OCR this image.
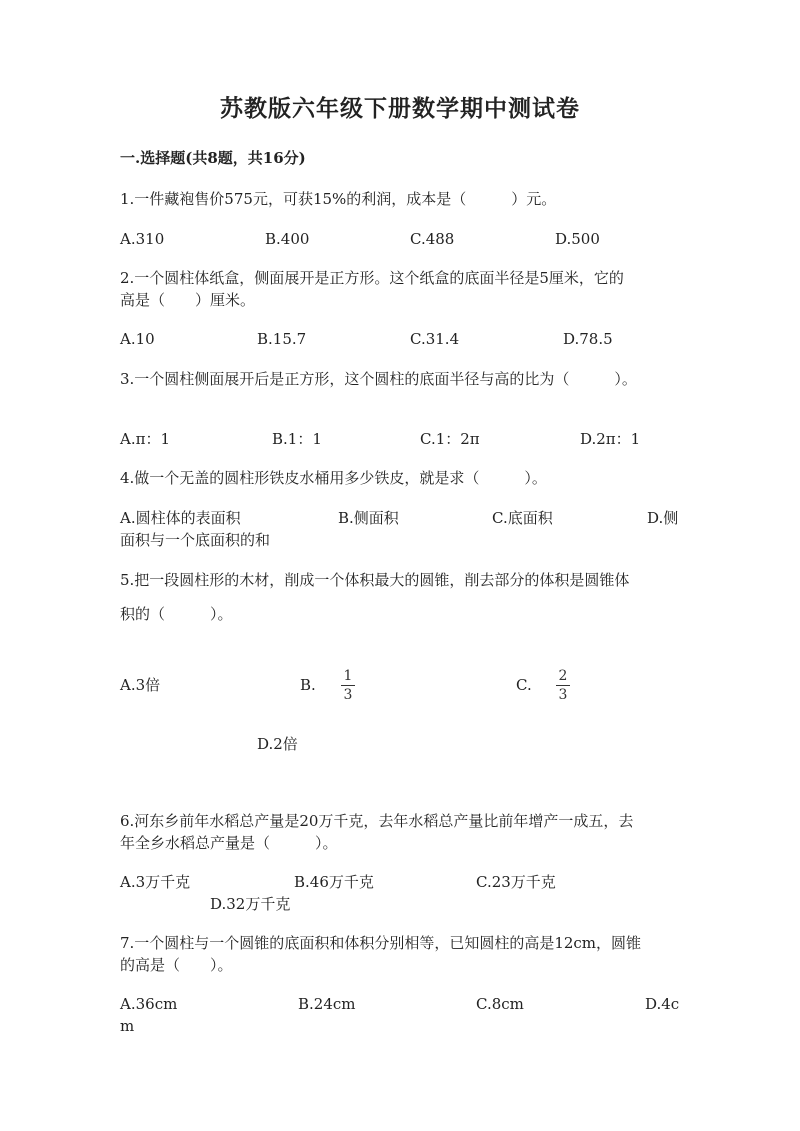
苏教版六年级下册数学期中测试卷
一.选择题(共8题，共16分)
1.一件藏袍售价575元，可获15%的利润，成本是（　　　）元。
A.310	B.400	C.488	D.500
2.一个圆柱体纸盒，侧面展开是正方形。这个纸盒的底面半径是5厘米，它的
高是（　　）厘米。
A.10	B.15.7	C.31.4	D.78.5
3.一个圆柱侧面展开后是正方形，这个圆柱的底面半径与高的比为（　　　）。
A.π：1	B.1：1	C.1：2π	D.2π：1
4.做一个无盖的圆柱形铁皮水桶用多少铁皮，就是求（　　　）。
A.圆柱体的表面积	B.侧面积	C.底面积	D.侧
面积与一个底面积的和
5.把一段圆柱形的木材，削成一个体积最大的圆锥，削去部分的体积是圆锥体
积的（　　　）。
A.3倍	B. 1
3
C. 2
3
D.2倍
6.河东乡前年水稻总产量是20万千克，去年水稻总产量比前年增产一成五，去
年全乡水稻总产量是（　　　）。
A.3万千克	B.46万千克	C.23万千克
D.32万千克
7.一个圆柱与一个圆锥的底面积和体积分别相等，已知圆柱的高是12cm，圆锥
的高是（　　）。
A.36cm	B.24cm	C.8cm	D.4c
m
